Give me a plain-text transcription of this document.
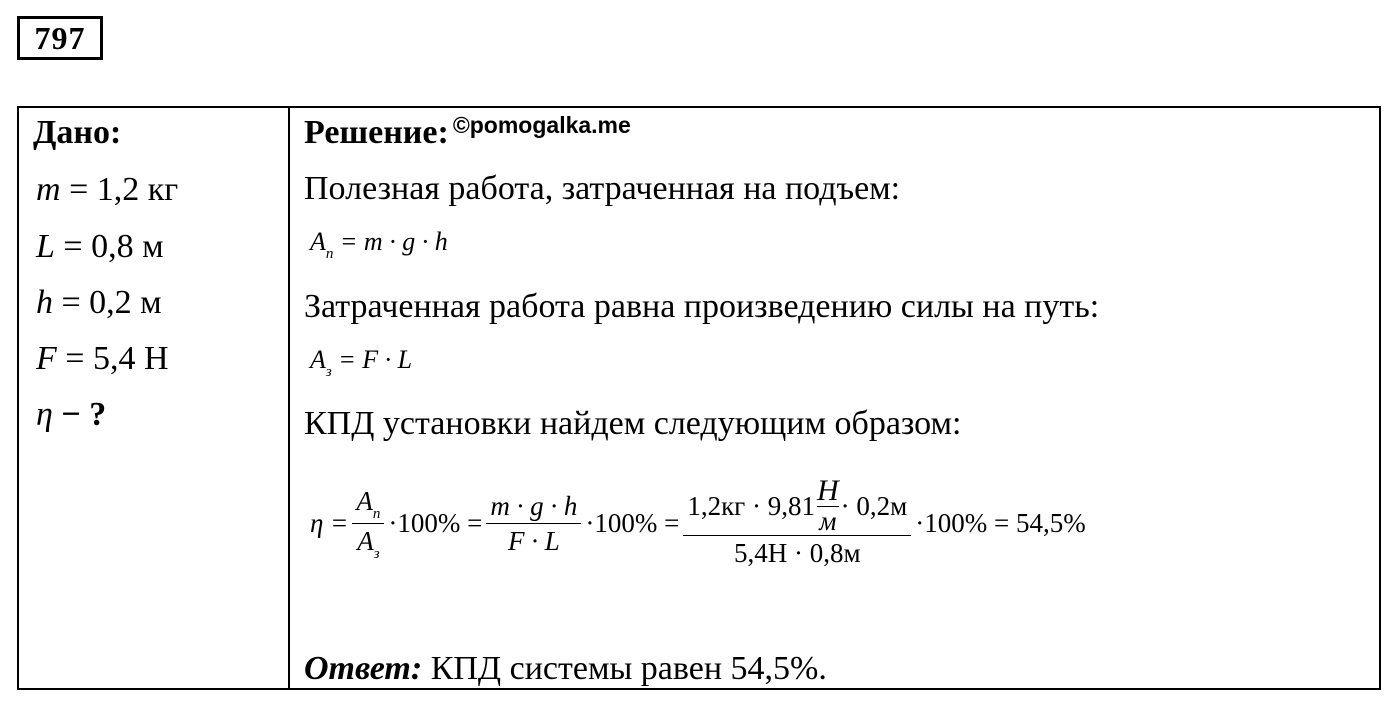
797
Дано:
m = 1,2 кг
L = 0,8 м
h = 0,2 м
F = 5,4 Н
η − ?
Решение: ©pomogalka.me
Полезная работа, затраченная на подъем:
$A_п = m \cdot g \cdot h$
Затраченная работа равна произведению силы на путь:
$A_з = F \cdot L$
КПД установки найдем следующим образом:
$\eta = \frac{A_п}{A_з} \cdot 100\% = \frac{m \cdot g \cdot h}{F \cdot L} \cdot 100\%$ =
$1,2кг \cdot 9,81 \frac{Н}{м} \cdot 0,2м$
5,4Н · 0,8м
·100% = 54,5%
Ответ: КПД системы равен 54,5%.
